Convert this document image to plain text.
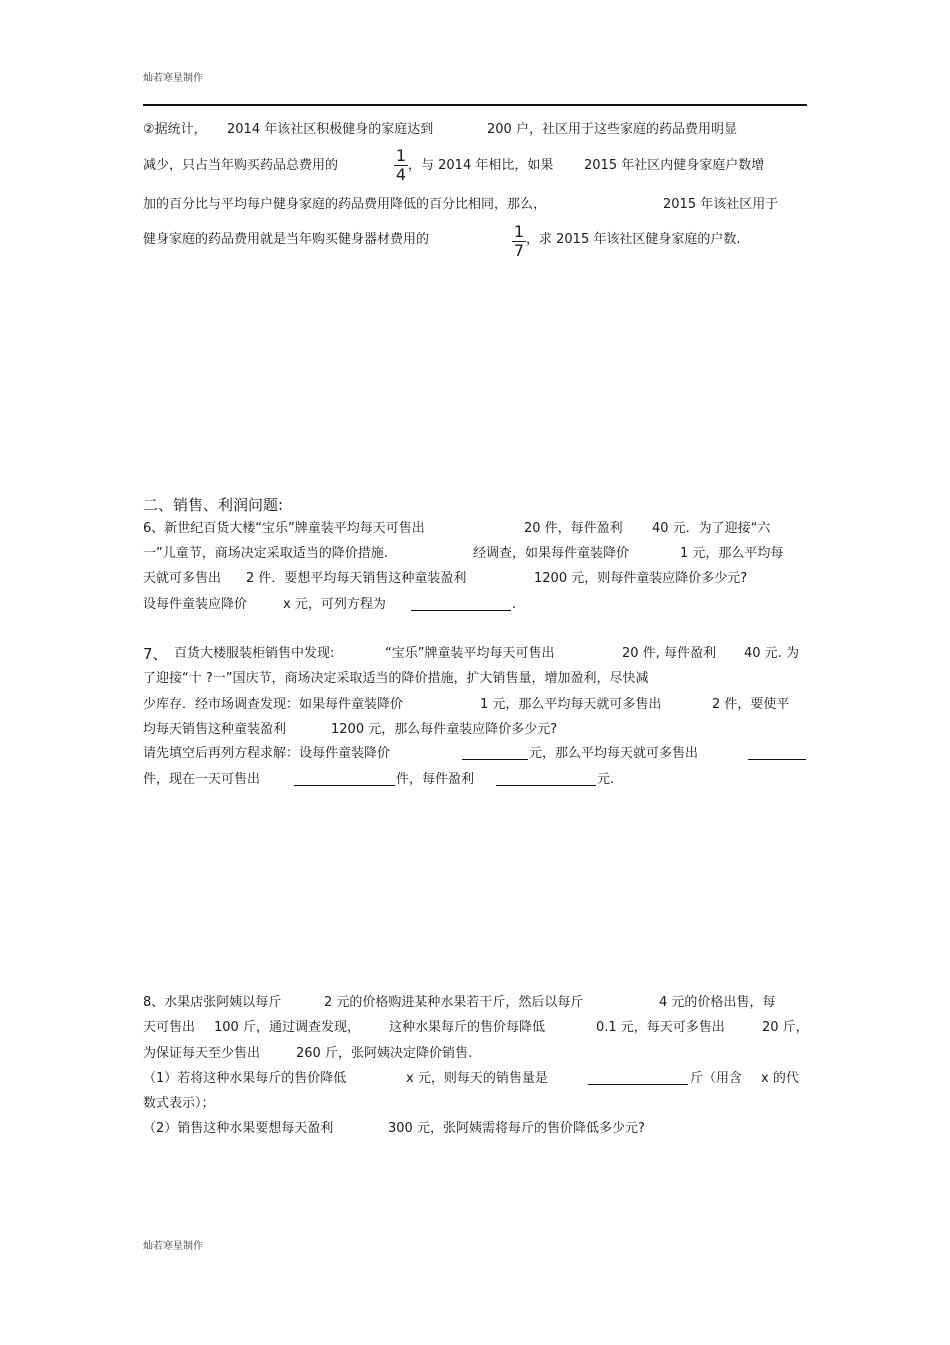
灿若寒星制作
②据统计， 2014 年该社区积极健身的家庭达到	200 户，社区用于这些家庭的药品费用明显
减少，只占当年购买药品总费用的
1
4 ，与 2014 年相比，如果 2015 年社区内健身家庭户数增
加的百分比与平均每户健身家庭的药品费用降低的百分比相同，那么，	2015 年该社区用于
健身家庭的药品费用就是当年购买健身器材费用的	1
7
，求 2015 年该社区健身家庭的户数.
二、销售、利润问题:
6、新世纪百货大楼“宝乐”牌童装平均每天可售出	20 件，每件盈利 40 元．为了迎接“六
一”儿童节，商场决定采取适当的降价措施.	经调查，如果每件童装降价	1 元，那么平均每
天就可多售出 2 件．要想平均每天销售这种童装盈利	1200 元，则每件童装应降价多少元?
设每件童装应降价	x 元，可列方程为	.
7、 百货大楼服装柜销售中发现:	“宝乐”牌童装平均每天可售出	20 件, 每件盈利 40 元. 为
了迎接“十 ?一”国庆节，商场决定采取适当的降价措施，扩大销售量，增加盈利，尽快减
少库存．经市场调查发现：如果每件童装降价	1 元，那么平均每天就可多售出	2 件，要使平
均每天销售这种童装盈利	1200 元，那么每件童装应降价多少元?
请先填空后再列方程求解：设每件童装降价	元，那么平均每天就可多售出
件，现在一天可售出	件，每件盈利	元.
8、水果店张阿姨以每斤	2 元的价格购进某种水果若干斤，然后以每斤	4 元的价格出售，每
天可售出 100 斤，通过调查发现， 这种水果每斤的售价每降低	0.1 元，每天可多售出	20 斤，
为保证每天至少售出	260 斤，张阿姨决定降价销售.
（1）若将这种水果每斤的售价降低	x 元，则每天的销售量是	斤（用含 x 的代
数式表示）；
（2）销售这种水果要想每天盈利	300 元，张阿姨需将每斤的售价降低多少元?
灿若寒星制作
